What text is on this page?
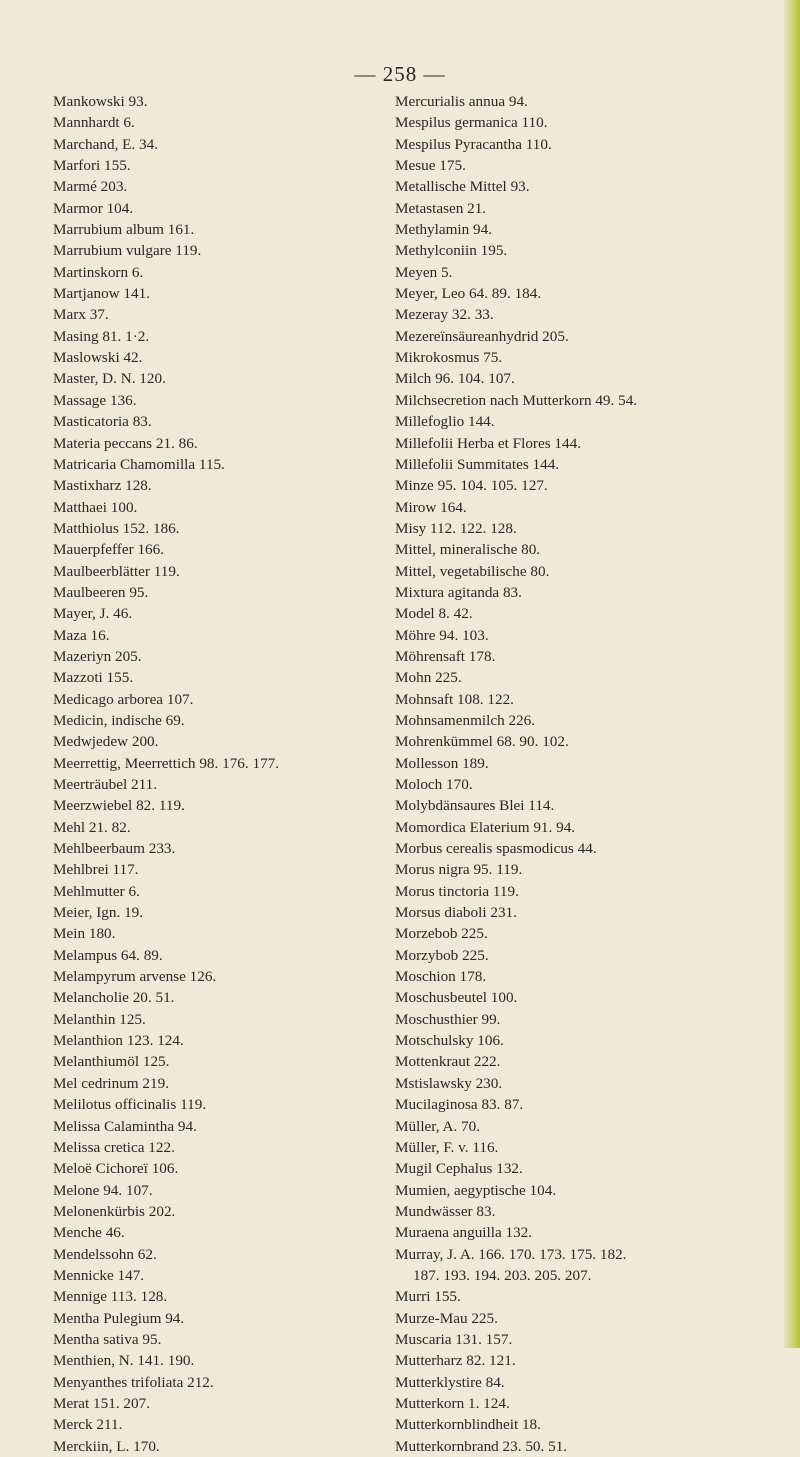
— 258 —
Mankowski 93.
Mannhardt 6.
Marchand, E. 34.
Marfori 155.
Marmé 203.
Marmor 104.
Marrubium album 161.
Marrubium vulgare 119.
Martinskorn 6.
Martjanow 141.
Marx 37.
Masing 81. 1·2.
Maslowski 42.
Master, D. N. 120.
Massage 136.
Masticatoria 83.
Materia peccans 21. 86.
Matricaria Chamomilla 115.
Mastixharz 128.
Matthaei 100.
Matthiolus 152. 186.
Mauerpfeffer 166.
Maulbeerblätter 119.
Maulbeeren 95.
Mayer, J. 46.
Maza 16.
Mazeriyn 205.
Mazzoti 155.
Medicago arborea 107.
Medicin, indische 69.
Medwjedew 200.
Meerrettig, Meerrettich 98. 176. 177.
Meerträubel 211.
Meerzwiebel 82. 119.
Mehl 21. 82.
Mehlbeerbaum 233.
Mehlbrei 117.
Mehlmutter 6.
Meier, Ign. 19.
Mein 180.
Melampus 64. 89.
Melampyrum arvense 126.
Melancholie 20. 51.
Melanthin 125.
Melanthion 123. 124.
Melanthiumöl 125.
Mel cedrinum 219.
Melilotus officinalis 119.
Melissa Calamintha 94.
Melissa cretica 122.
Meloë Cichoreï 106.
Melone 94. 107.
Melonenkürbis 202.
Menche 46.
Mendelssohn 62.
Mennicke 147.
Mennige 113. 128.
Mentha Pulegium 94.
Mentha sativa 95.
Menthien, N. 141. 190.
Menyanthes trifoliata 212.
Merat 151. 207.
Merck 211.
Merckiin, L. 170.
Mercurialis annua 94.
Mespilus germanica 110.
Mespilus Pyracantha 110.
Mesue 175.
Metallische Mittel 93.
Metastasen 21.
Methylamin 94.
Methylconiin 195.
Meyen 5.
Meyer, Leo 64. 89. 184.
Mezeray 32. 33.
Mezereïnsäureanhydrid 205.
Mikrokosmus 75.
Milch 96. 104. 107.
Milchsecretion nach Mutterkorn 49. 54.
Millefoglio 144.
Millefolii Herba et Flores 144.
Millefolii Summitates 144.
Minze 95. 104. 105. 127.
Mirow 164.
Misy 112. 122. 128.
Mittel, mineralische 80.
Mittel, vegetabilische 80.
Mixtura agitanda 83.
Model 8. 42.
Möhre 94. 103.
Möhrensaft 178.
Mohn 225.
Mohnsaft 108. 122.
Mohnsamenmilch 226.
Mohrenkümmel 68. 90. 102.
Mollesson 189.
Moloch 170.
Molybdänsaures Blei 114.
Momordica Elaterium 91. 94.
Morbus cerealis spasmodicus 44.
Morus nigra 95. 119.
Morus tinctoria 119.
Morsus diaboli 231.
Morzebob 225.
Morzybob 225.
Moschion 178.
Moschusbeutel 100.
Moschusthier 99.
Motschulsky 106.
Mottenkraut 222.
Mstislawsky 230.
Mucilaginosa 83. 87.
Müller, A. 70.
Müller, F. v. 116.
Mugil Cephalus 132.
Mumien, aegyptische 104.
Mundwässer 83.
Muraena anguilla 132.
Murray, J. A. 166. 170. 173. 175. 182.
187. 193. 194. 203. 205. 207.
Murri 155.
Murze-Mau 225.
Muscaria 131. 157.
Mutterharz 82. 121.
Mutterklystire 84.
Mutterkorn 1. 124.
Mutterkornblindheit 18.
Mutterkornbrand 23. 50. 51.
